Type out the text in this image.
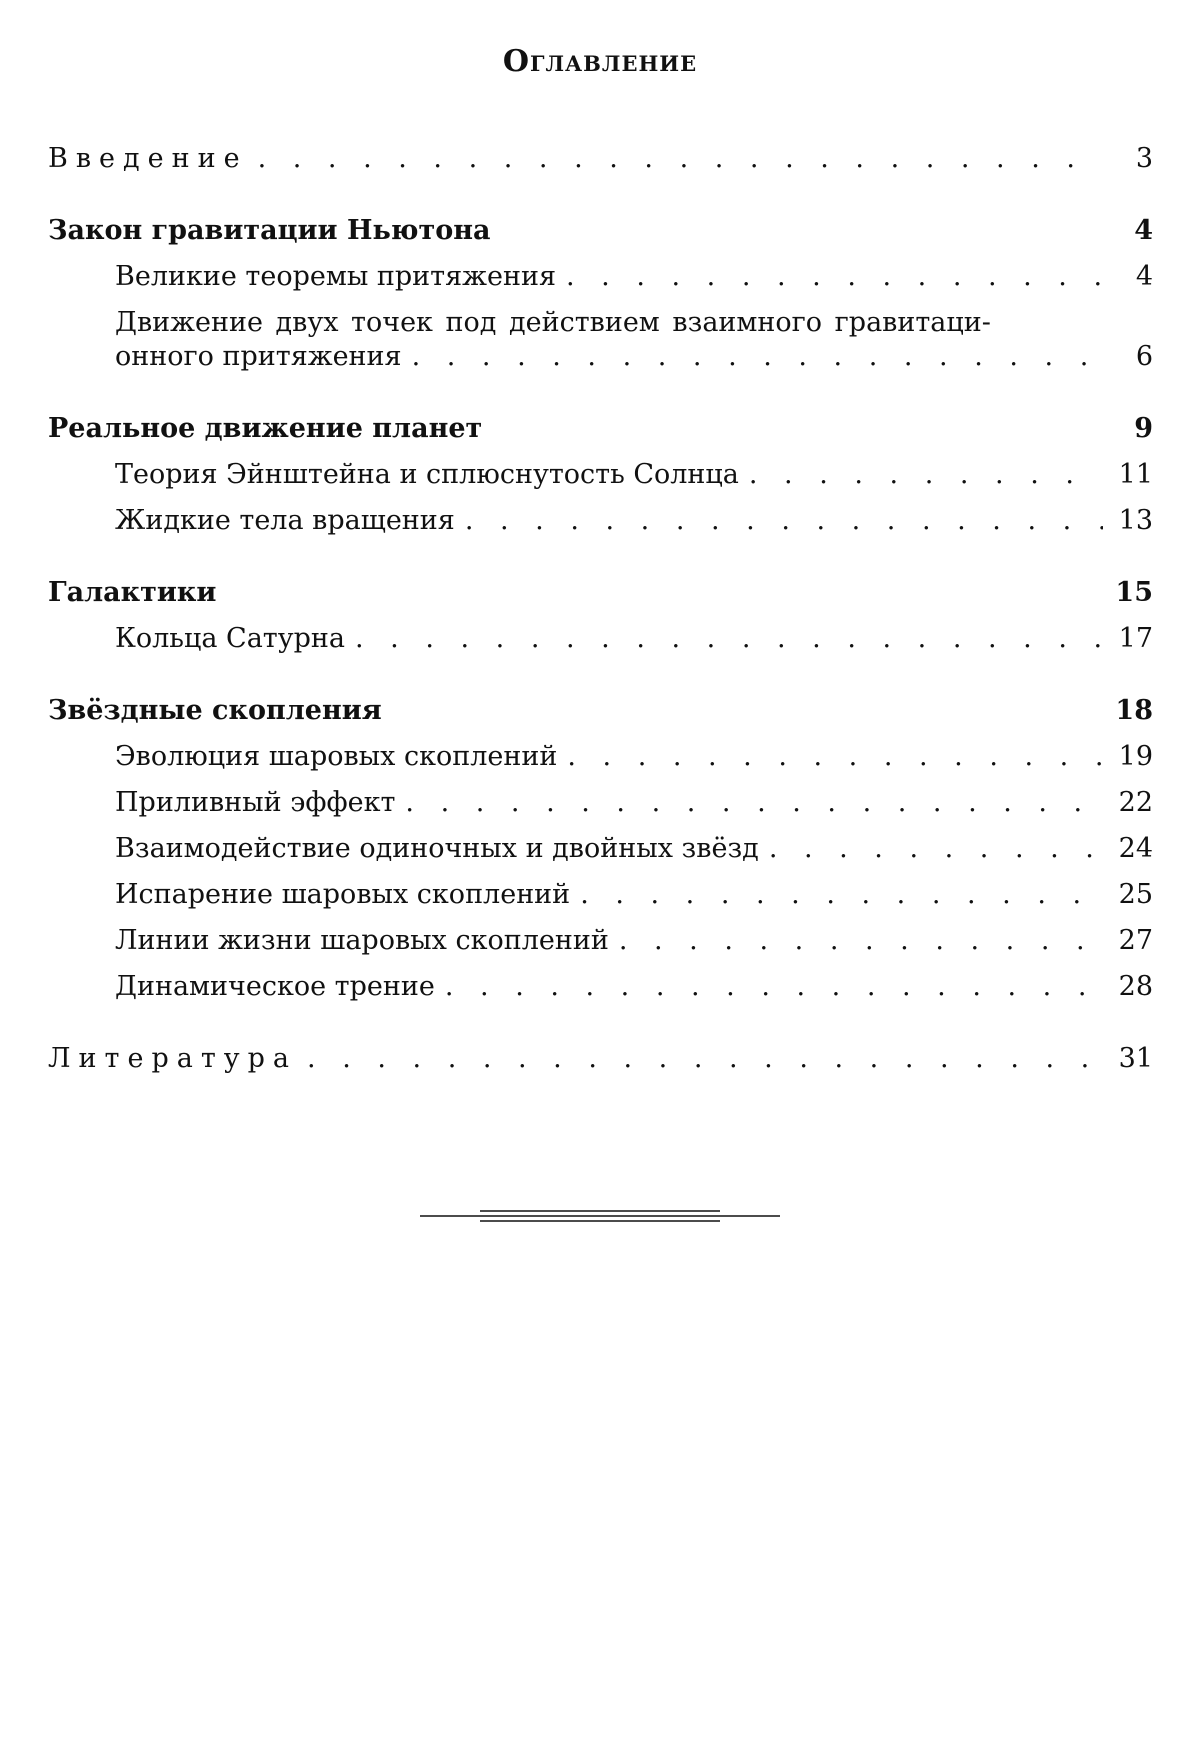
Оглавление
Введение . . .	3
Закон гравитации Ньютона	4
Великие теоремы притяжения . . .	4
Движение двух точек под действием взаимного гравитаци-
онного притяжения . . .	6
Реальное движение планет	9
Теория Эйнштейна и сплюснутость Солнца . . .	11
Жидкие тела вращения . . .	13
Галактики	15
Кольца Сатурна . . .	17
Звёздные скопления	18
Эволюция шаровых скоплений . . .	19
Приливный эффект . . .	22
Взаимодействие одиночных и двойных звёзд . . .	24
Испарение шаровых скоплений . . .	25
Линии жизни шаровых скоплений . . .	27
Динамическое трение . . .	28
Литература . . .	31
